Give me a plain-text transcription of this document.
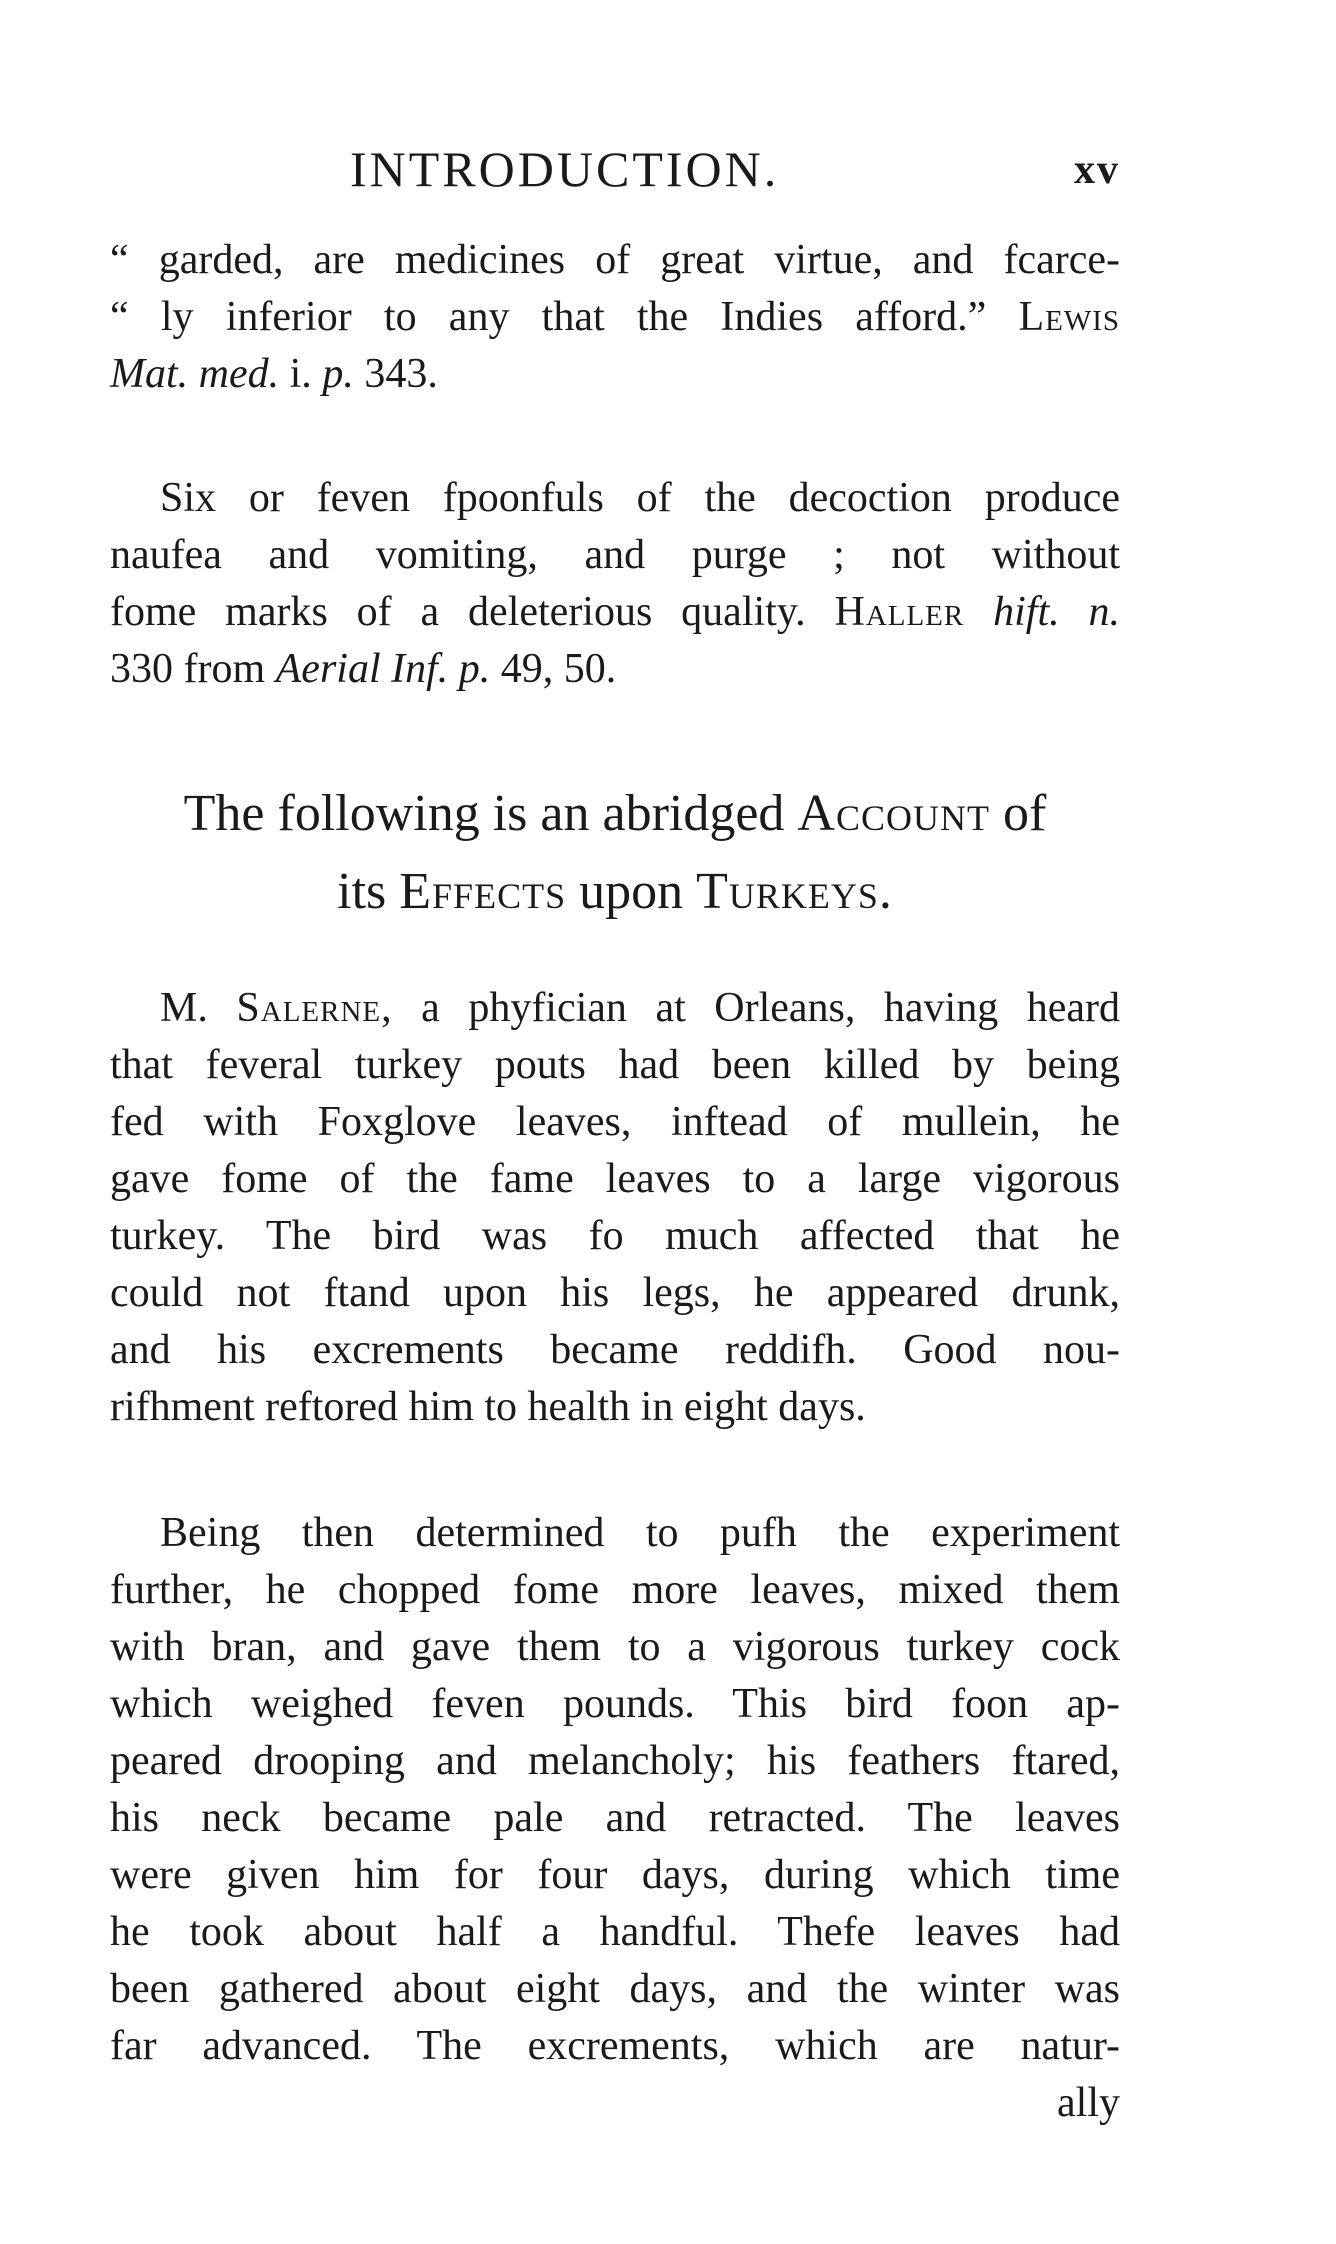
INTRODUCTION.	xv
“ garded, are medicines of great virtue, and fcarce-
“ ly inferior to any that the Indies afford.” Lewis
Mat. med. i. p. 343.
Six or feven fpoonfuls of the decoction produce
naufea and vomiting, and purge ; not without
fome marks of a deleterious quality. Haller hift. n.
330 from Aerial Inf. p. 49, 50.
The following is an abridged Account of
its Effects upon Turkeys.
M. Salerne, a phyfician at Orleans, having heard
that feveral turkey pouts had been killed by being
fed with Foxglove leaves, inftead of mullein, he
gave fome of the fame leaves to a large vigorous
turkey. The bird was fo much affected that he
could not ftand upon his legs, he appeared drunk,
and his excrements became reddifh. Good nou-
rifhment reftored him to health in eight days.
Being then determined to pufh the experiment
further, he chopped fome more leaves, mixed them
with bran, and gave them to a vigorous turkey cock
which weighed feven pounds. This bird foon ap-
peared drooping and melancholy; his feathers ftared,
his neck became pale and retracted. The leaves
were given him for four days, during which time
he took about half a handful. Thefe leaves had
been gathered about eight days, and the winter was
far advanced. The excrements, which are natur-
ally
